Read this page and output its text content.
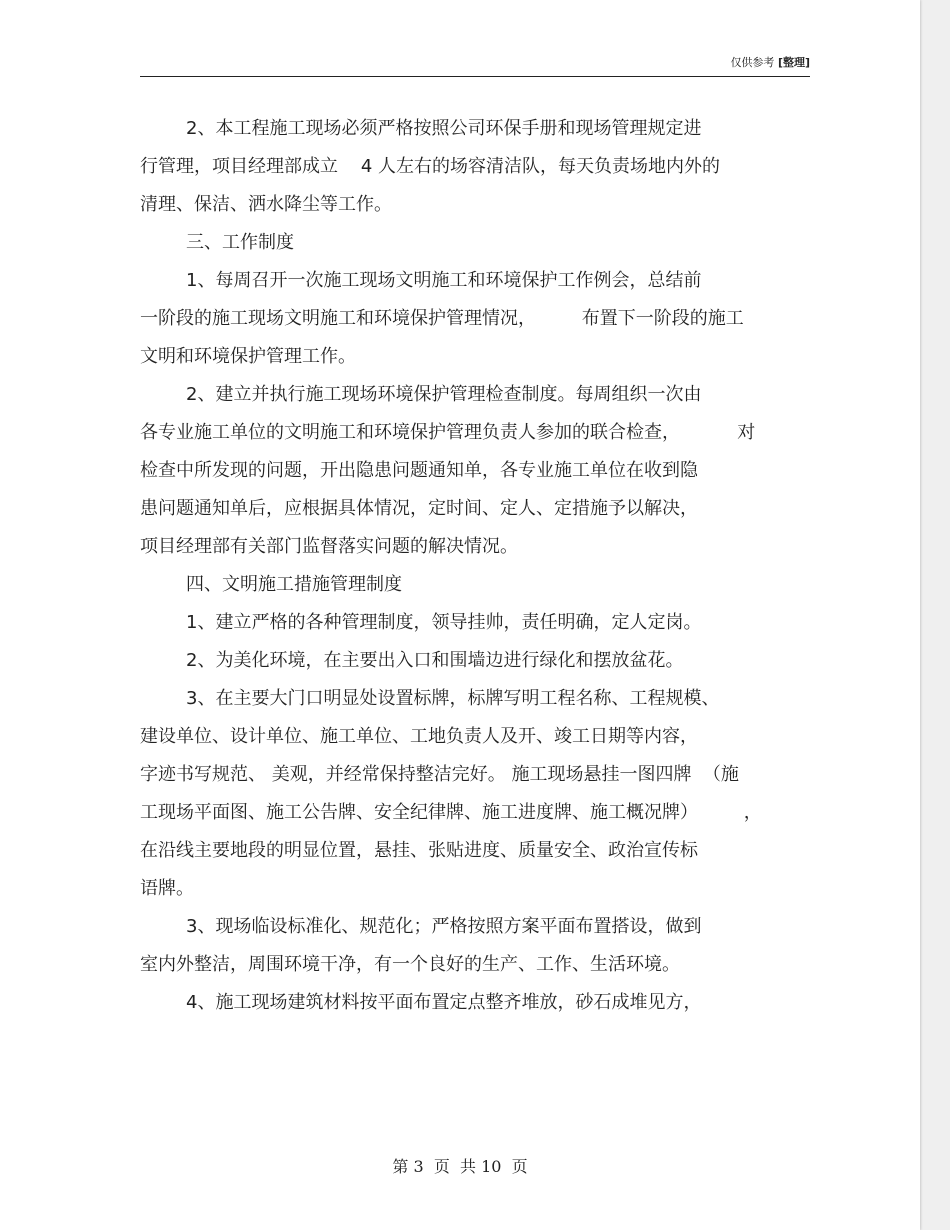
仅供参考 [整理]
2、本工程施工现场必须严格按照公司环保手册和现场管理规定进
行管理，项目经理部成立    4 人左右的场容清洁队，每天负责场地内外的
清理、保洁、洒水降尘等工作。
三、工作制度
1、每周召开一次施工现场文明施工和环境保护工作例会，总结前
一阶段的施工现场文明施工和环境保护管理情况，        布置下一阶段的施工
文明和环境保护管理工作。
2、建立并执行施工现场环境保护管理检查制度。每周组织一次由
各专业施工单位的文明施工和环境保护管理负责人参加的联合检查，          对
检查中所发现的问题，开出隐患问题通知单，各专业施工单位在收到隐
患问题通知单后，应根据具体情况，定时间、定人、定措施予以解决，
项目经理部有关部门监督落实问题的解决情况。
四、文明施工措施管理制度
1、建立严格的各种管理制度，领导挂帅，责任明确，定人定岗。
2、为美化环境，在主要出入口和围墙边进行绿化和摆放盆花。
3、在主要大门口明显处设置标牌，标牌写明工程名称、工程规模、
建设单位、设计单位、施工单位、工地负责人及开、竣工日期等内容，
字迹书写规范、 美观，并经常保持整洁完好。 施工现场悬挂一图四牌  （施
工现场平面图、施工公告牌、安全纪律牌、施工进度牌、施工概况牌）        ，
在沿线主要地段的明显位置，悬挂、张贴进度、质量安全、政治宣传标
语牌。
3、现场临设标准化、规范化；严格按照方案平面布置搭设，做到
室内外整洁，周围环境干净，有一个良好的生产、工作、生活环境。
4、施工现场建筑材料按平面布置定点整齐堆放，砂石成堆见方，
第 3  页  共 10  页
